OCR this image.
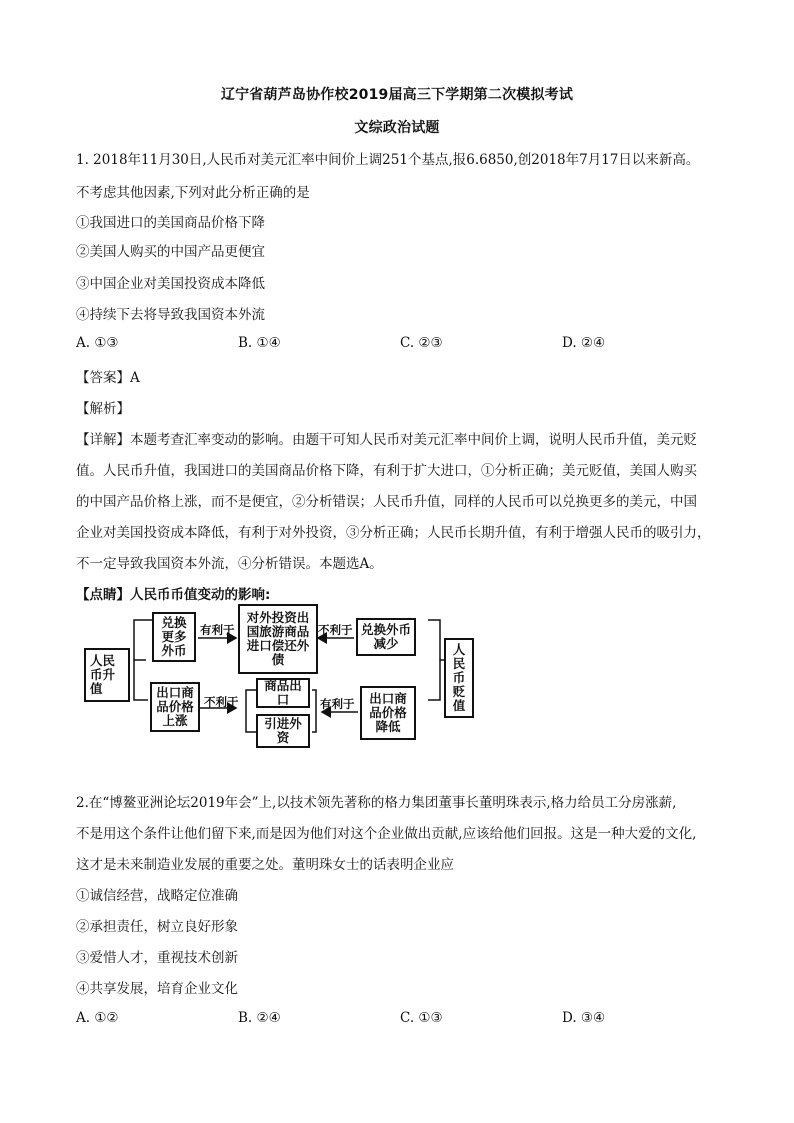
辽宁省葫芦岛协作校2019届高三下学期第二次模拟考试
文综政治试题
1. 2018年11月30日,人民币对美元汇率中间价上调251个基点,报6.6850,创2018年7月17日以来新高。
不考虑其他因素,下列对此分析正确的是
①我国进口的美国商品价格下降
②美国人购买的中国产品更便宜
③中国企业对美国投资成本降低
④持续下去将导致我国资本外流
A. ①③	B. ①④	C. ②③	D. ②④
【答案】A
【解析】
【详解】本题考查汇率变动的影响。由题干可知人民币对美元汇率中间价上调，说明人民币升值，美元贬
值。人民币升值，我国进口的美国商品价格下降，有利于扩大进口，①分析正确；美元贬值，美国人购买
的中国产品价格上涨，而不是便宜，②分析错误；人民币升值，同样的人民币可以兑换更多的美元，中国
企业对美国投资成本降低，有利于对外投资，③分析正确；人民币长期升值，有利于增强人民币的吸引力，
不一定导致我国资本外流，④分析错误。本题选A。
【点睛】人民币币值变动的影响:
人民币升值
兑换更多外币
有利于
对外投资出国旅游商品进口偿还外债
不利于 兑换外币减少	人民币贬值
出口商品价格上涨
不利于
商品出口
引进外资
有利于	出口商品价格降低
2.在“博鳌亚洲论坛2019年会”上,以技术领先著称的格力集团董事长董明珠表示,格力给员工分房涨薪,
不是用这个条件让他们留下来,而是因为他们对这个企业做出贡献,应该给他们回报。这是一种大爱的文化,
这才是未来制造业发展的重要之处。董明珠女士的话表明企业应
①诚信经营，战略定位准确
②承担责任，树立良好形象
③爱惜人才，重视技术创新
④共享发展，培育企业文化
A. ①②	B. ②④	C. ①③	D. ③④
